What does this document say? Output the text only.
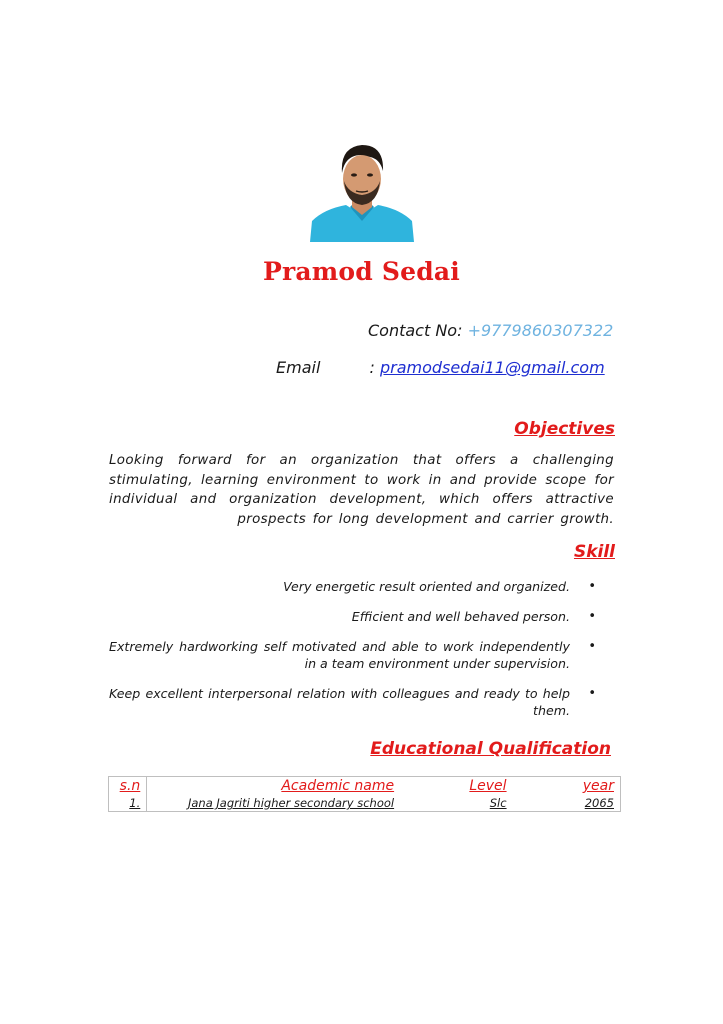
Pramod Sedai
Contact No: +9779860307322
Email	: pramodsedai11@gmail.com
Objectives
Looking forward for an organization that offers a challenging stimulating, learning environment to work in and provide scope for individual and organization development, which offers attractive prospects for long development and carrier growth.
Skill
Very energetic result oriented and organized. •
Efficient and well behaved person. •
Extremely hardworking self motivated and able to work independently in a team environment under supervision.
•
Keep excellent interpersonal relation with colleagues and ready to help them.
•
Educational Qualification
s.n	Academic name	Level	year
1.	Jana Jagriti higher secondary school	Slc	2065
